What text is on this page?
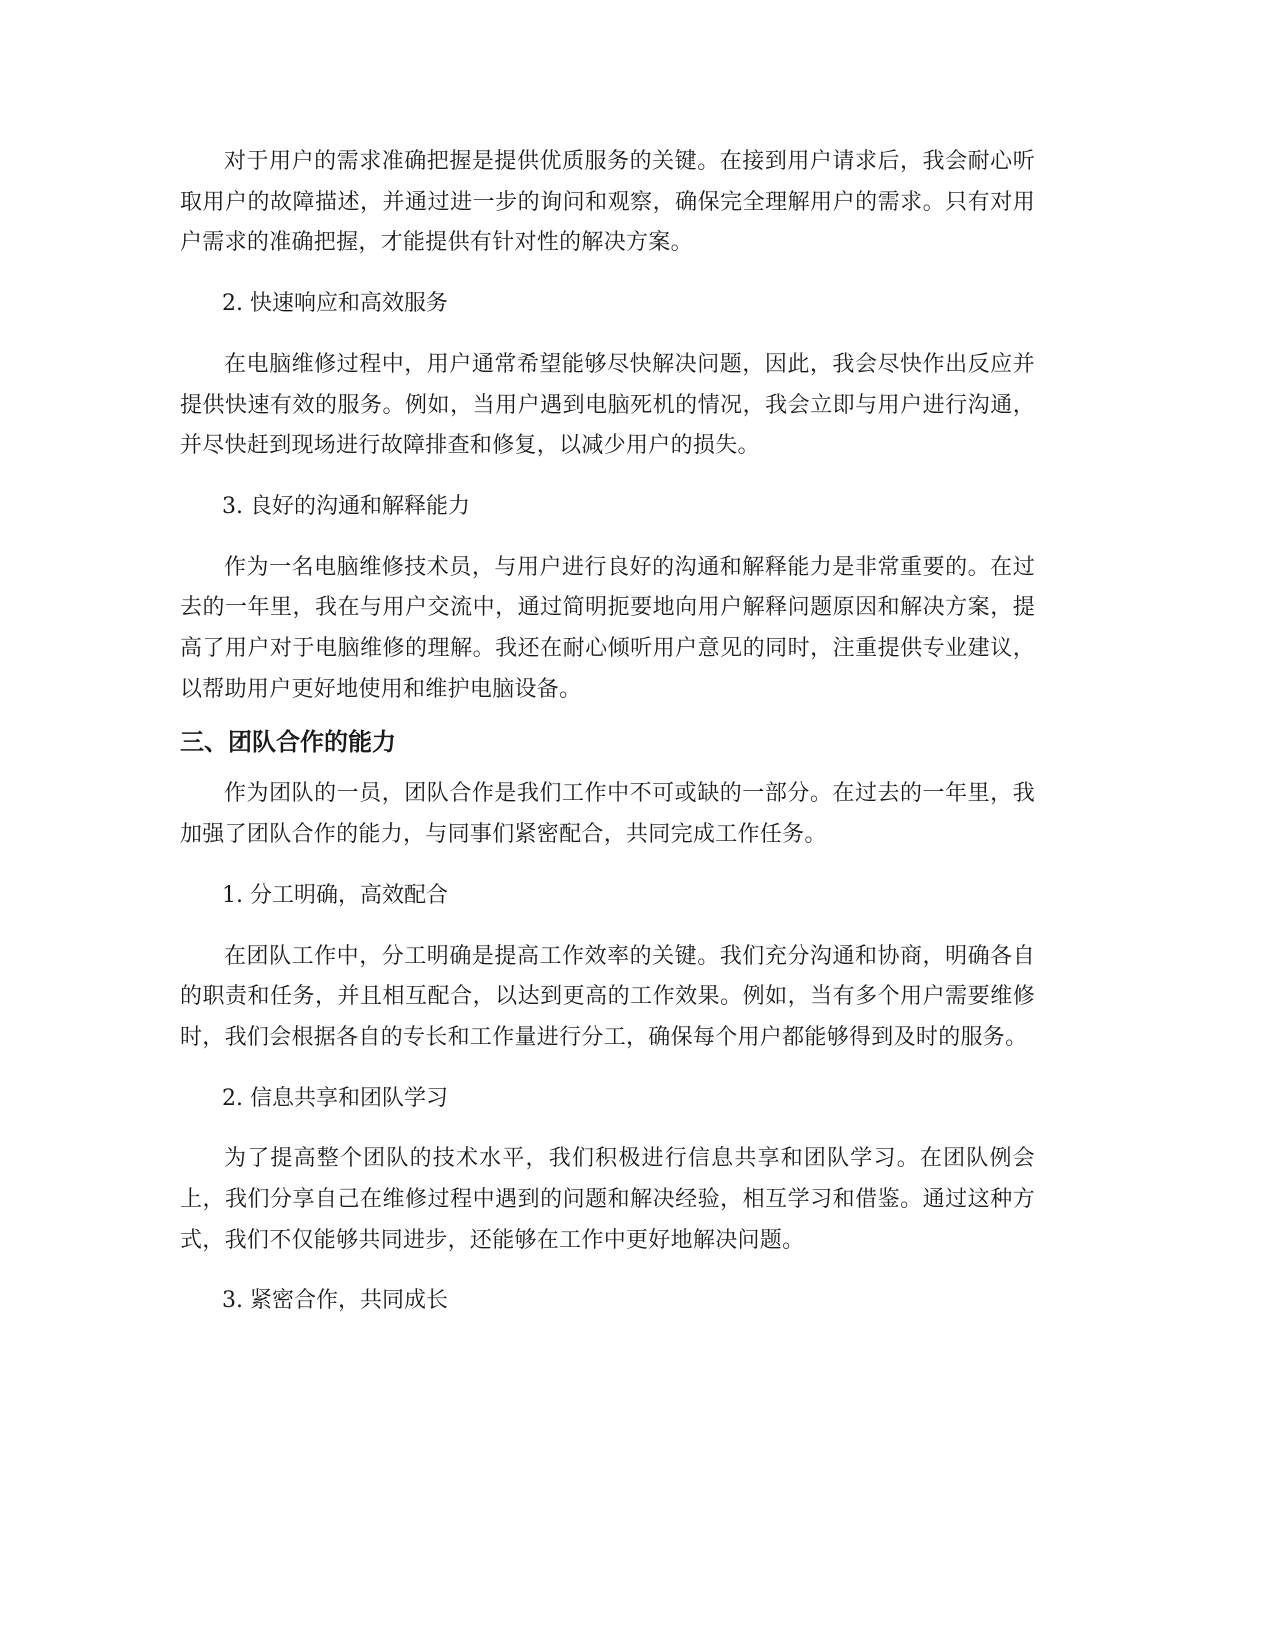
对于用户的需求准确把握是提供优质服务的关键。在接到用户请求后，我会耐心听取用户的故障描述，并通过进一步的询问和观察，确保完全理解用户的需求。只有对用户需求的准确把握，才能提供有针对性的解决方案。

2. 快速响应和高效服务

在电脑维修过程中，用户通常希望能够尽快解决问题，因此，我会尽快作出反应并提供快速有效的服务。例如，当用户遇到电脑死机的情况，我会立即与用户进行沟通，并尽快赶到现场进行故障排查和修复，以减少用户的损失。

3. 良好的沟通和解释能力

作为一名电脑维修技术员，与用户进行良好的沟通和解释能力是非常重要的。在过去的一年里，我在与用户交流中，通过简明扼要地向用户解释问题原因和解决方案，提高了用户对于电脑维修的理解。我还在耐心倾听用户意见的同时，注重提供专业建议，以帮助用户更好地使用和维护电脑设备。

三、团队合作的能力

作为团队的一员，团队合作是我们工作中不可或缺的一部分。在过去的一年里，我加强了团队合作的能力，与同事们紧密配合，共同完成工作任务。

1. 分工明确，高效配合

在团队工作中，分工明确是提高工作效率的关键。我们充分沟通和协商，明确各自的职责和任务，并且相互配合，以达到更高的工作效果。例如，当有多个用户需要维修时，我们会根据各自的专长和工作量进行分工，确保每个用户都能够得到及时的服务。

2. 信息共享和团队学习

为了提高整个团队的技术水平，我们积极进行信息共享和团队学习。在团队例会上，我们分享自己在维修过程中遇到的问题和解决经验，相互学习和借鉴。通过这种方式，我们不仅能够共同进步，还能够在工作中更好地解决问题。

3. 紧密合作，共同成长
